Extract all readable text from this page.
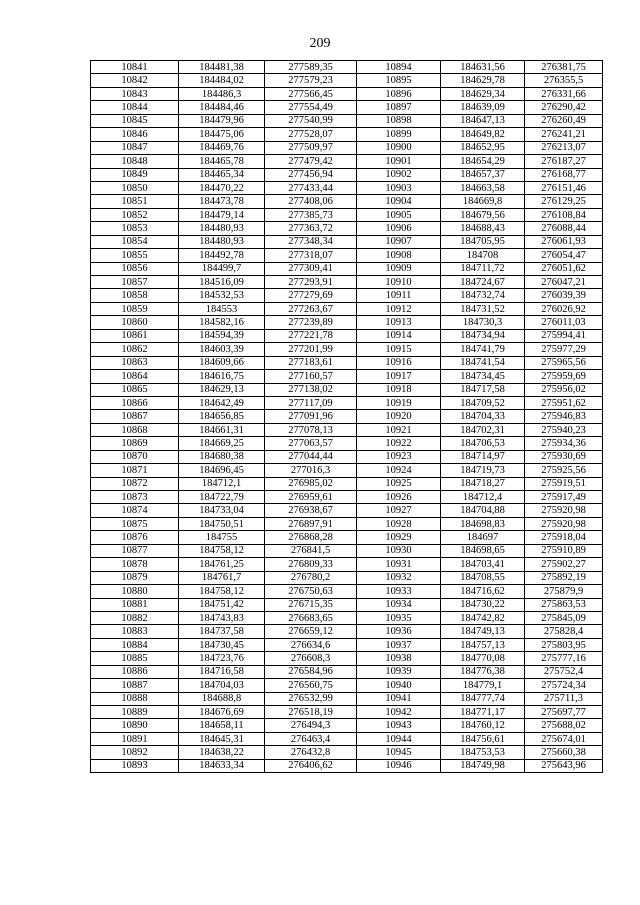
209
10841	184481,38	277589,35	10894	184631,56	276381,75
10842	184484,02	277579,23	10895	184629,78	276355,5
10843	184486,3	277566,45	10896	184629,34	276331,66
10844	184484,46	277554,49	10897	184639,09	276290,42
10845	184479,96	277540,99	10898	184647,13	276260,49
10846	184475,06	277528,07	10899	184649,82	276241,21
10847	184469,76	277509,97	10900	184652,95	276213,07
10848	184465,78	277479,42	10901	184654,29	276187,27
10849	184465,34	277456,94	10902	184657,37	276168,77
10850	184470,22	277433,44	10903	184663,58	276151,46
10851	184473,78	277408,06	10904	184669,8	276129,25
10852	184479,14	277385,73	10905	184679,56	276108,84
10853	184480,93	277363,72	10906	184688,43	276088,44
10854	184480,93	277348,34	10907	184705,95	276061,93
10855	184492,78	277318,07	10908	184708	276054,47
10856	184499,7	277309,41	10909	184711,72	276051,62
10857	184516,09	277293,91	10910	184724,67	276047,21
10858	184532,53	277279,69	10911	184732,74	276039,39
10859	184553	277263,67	10912	184731,52	276026,92
10860	184582,16	277239,89	10913	184730,3	276011,03
10861	184594,39	277221,78	10914	184734,94	275994,41
10862	184603,39	277201,99	10915	184741,79	275977,29
10863	184609,66	277183,61	10916	184741,54	275965,56
10864	184616,75	277160,57	10917	184734,45	275959,69
10865	184629,13	277138,02	10918	184717,58	275956,02
10866	184642,49	277117,09	10919	184709,52	275951,62
10867	184656,85	277091,96	10920	184704,33	275946,83
10868	184661,31	277078,13	10921	184702,31	275940,23
10869	184669,25	277063,57	10922	184706,53	275934,36
10870	184680,38	277044,44	10923	184714,97	275930,69
10871	184696,45	277016,3	10924	184719,73	275925,56
10872	184712,1	276985,02	10925	184718,27	275919,51
10873	184722,79	276959,61	10926	184712,4	275917,49
10874	184733,04	276938,67	10927	184704,88	275920,98
10875	184750,51	276897,91	10928	184698,83	275920,98
10876	184755	276868,28	10929	184697	275918,04
10877	184758,12	276841,5	10930	184698,65	275910,89
10878	184761,25	276809,33	10931	184703,41	275902,27
10879	184761,7	276780,2	10932	184708,55	275892,19
10880	184758,12	276750,63	10933	184716,62	275879,9
10881	184751,42	276715,35	10934	184730,22	275863,53
10882	184743,83	276683,65	10935	184742,82	275845,09
10883	184737,58	276659,12	10936	184749,13	275828,4
10884	184730,45	276634,6	10937	184757,13	275803,95
10885	184723,76	276608,3	10938	184770,08	275777,16
10886	184716,58	276584,96	10939	184776,38	275752,4
10887	184704,03	276560,75	10940	184779,1	275724,34
10888	184688,8	276532,99	10941	184777,74	275711,3
10889	184676,69	276518,19	10942	184771,17	275697,77
10890	184658,11	276494,3	10943	184760,12	275688,02
10891	184645,31	276463,4	10944	184756,61	275674,01
10892	184638,22	276432,8	10945	184753,53	275660,38
10893	184633,34	276406,62	10946	184749,98	275643,96
